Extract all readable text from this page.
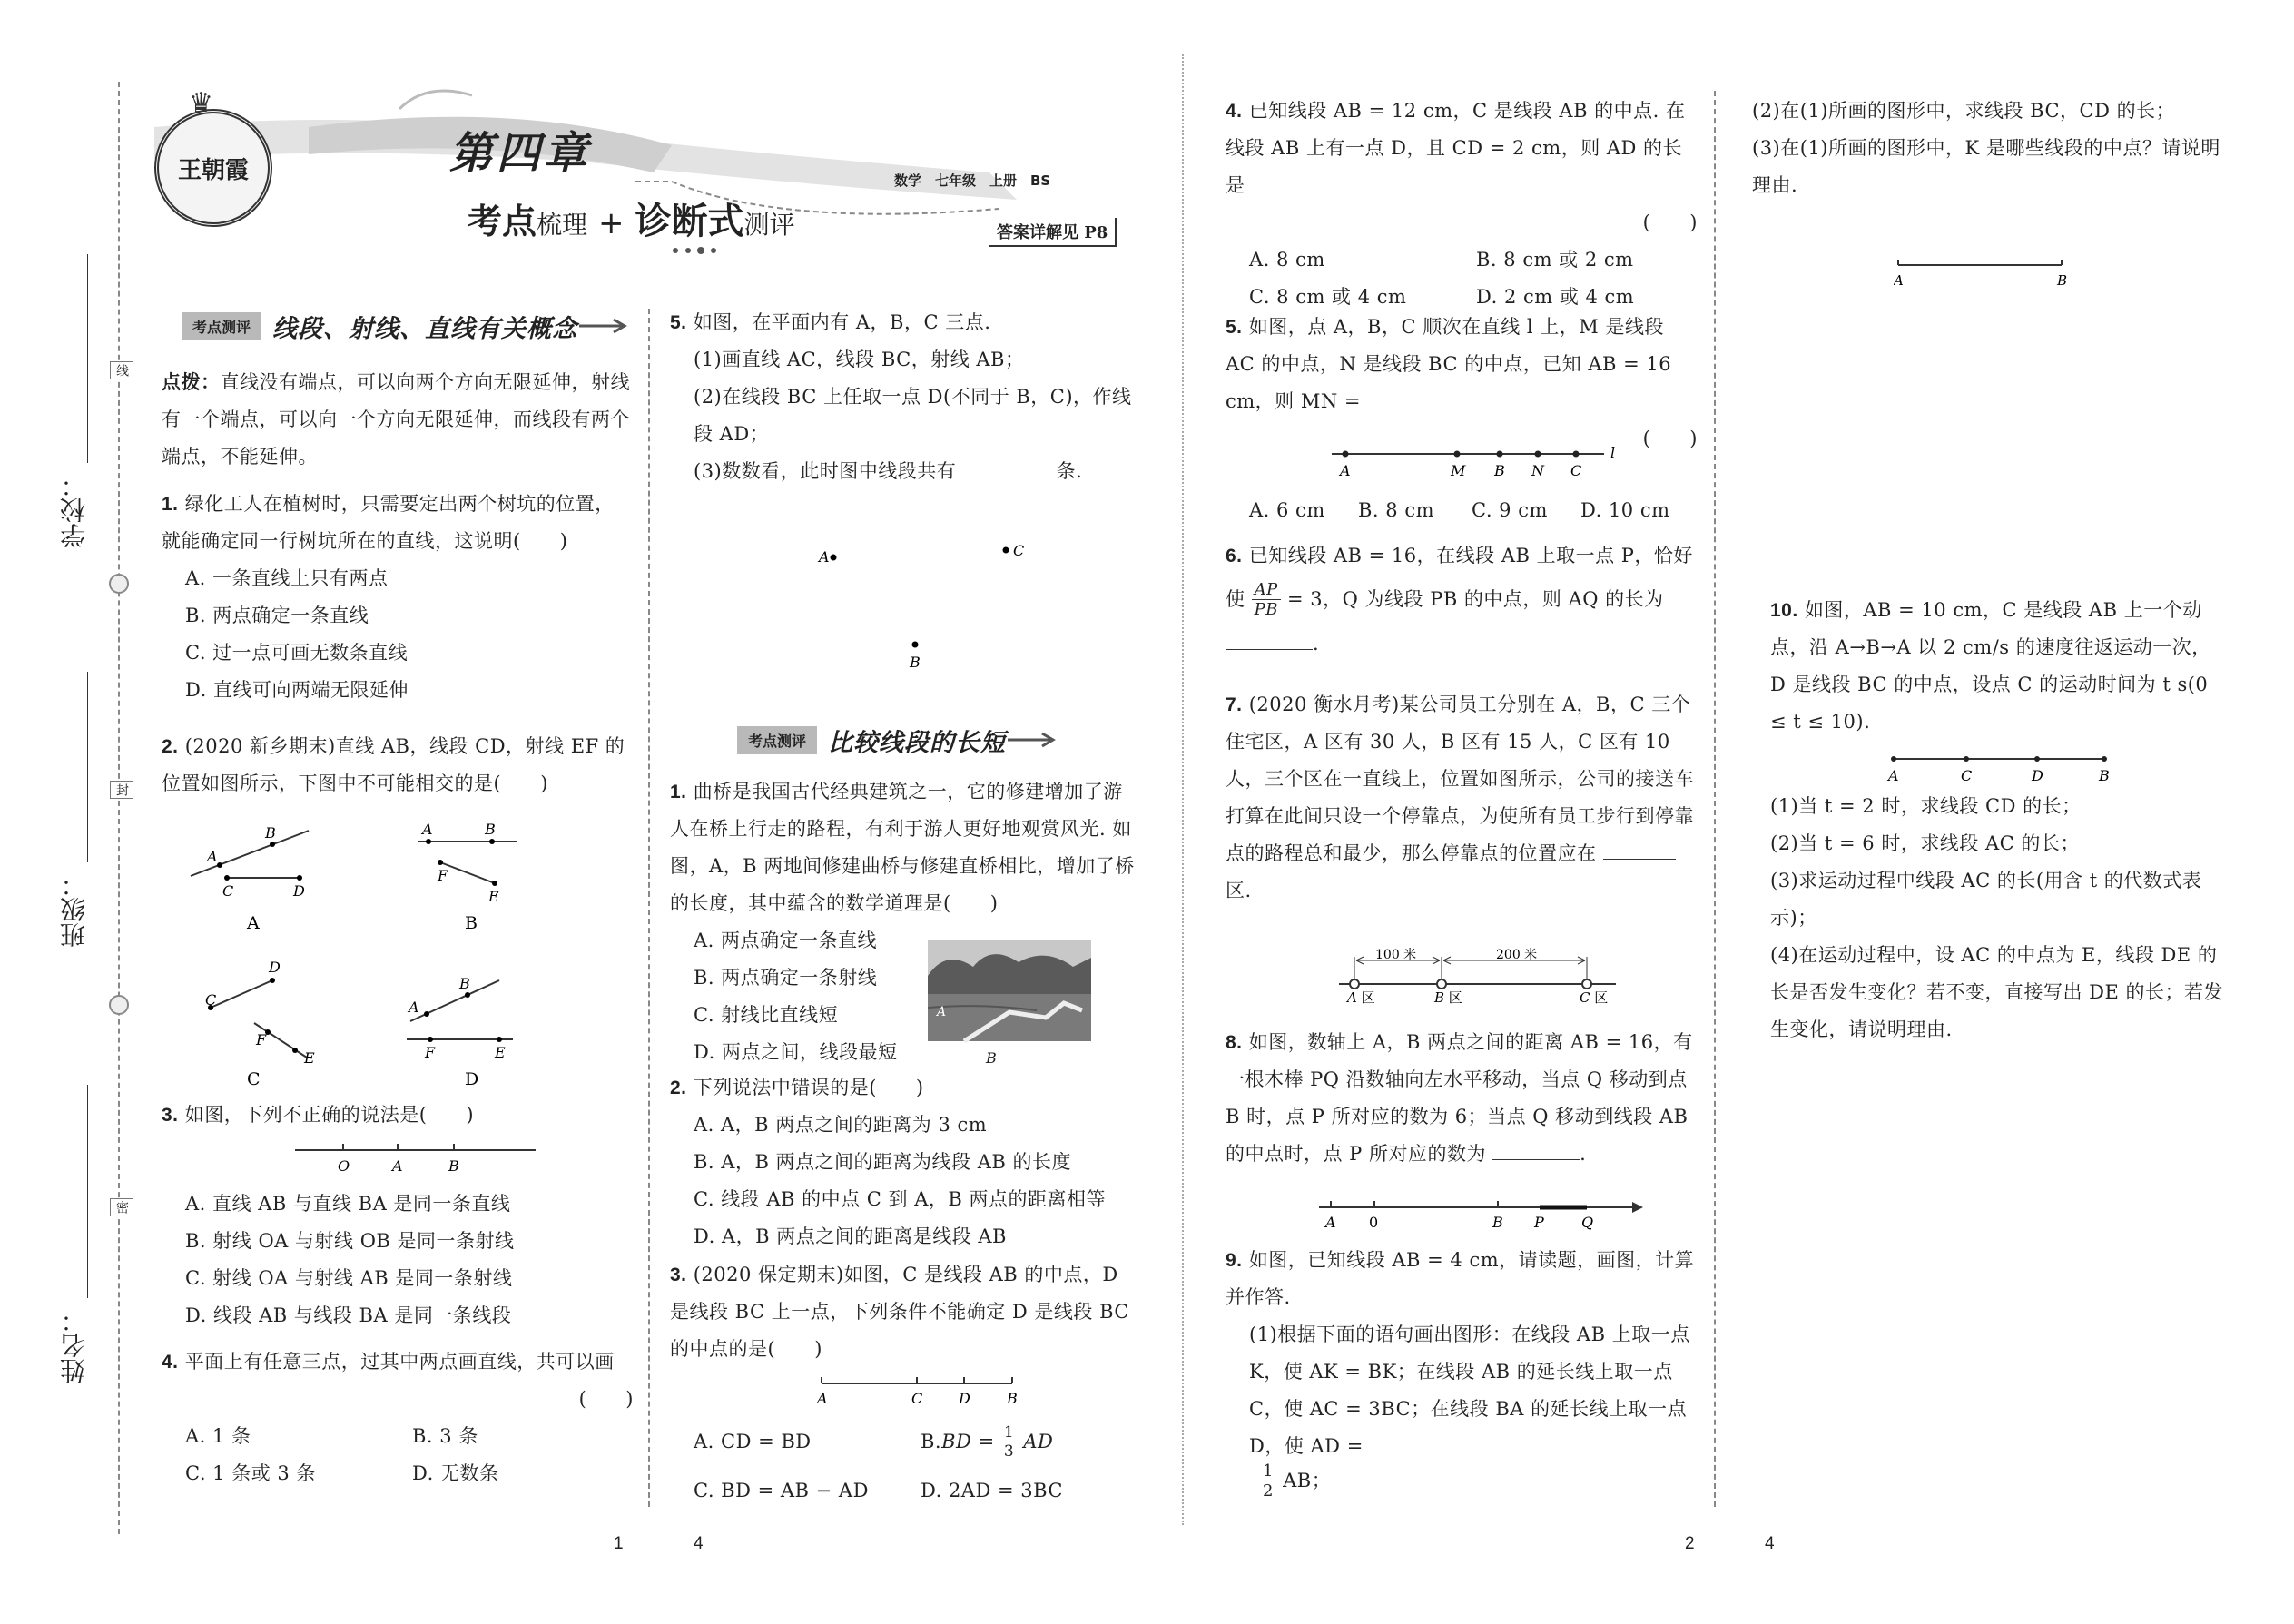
学校：
班级：
姓名：
线
封
密
王朝霞
♛
第四章
考点 梳理 + 诊断式 测评
数学　七年级　上册　BS
答案详解见 P8
考点测评 线段、射线、直线有关概念
点拨：直线没有端点，可以向两个方向无限延伸，射线有一个端点，可以向一个方向无限延伸，而线段有两个端点，不能延伸。

1. 绿化工人在植树时，只需要定出两个树坑的位置，就能确定同一行树坑所在的直线，这说明(　　)

A. 一条直线上只有两点

B. 两点确定一条直线

C. 过一点可画无数条直线

D. 直线可向两端无限延伸

2. (2020 新乡期末)直线 AB，线段 CD，射线 EF 的位置如图所示，下图中不可能相交的是(　　)

A
B
C	D
A
A	B
F
E
B
C
D
F
E
C
A
B
F	E
D

3. 如图，下列不正确的说法是(　　)

O	A	B

A. 直线 AB 与直线 BA 是同一条直线

B. 射线 OA 与射线 OB 是同一条射线

C. 射线 OA 与射线 AB 是同一条射线

D. 线段 AB 与线段 BA 是同一条线段

4. 平面上有任意三点，过其中两点画直线，共可以画

(　　)

A. 1 条	B. 3 条
C. 1 条或 3 条	D. 无数条

5. 如图，在平面内有 A，B，C 三点.

(1)画直线 AC，线段 BC，射线 AB；

(2)在线段 BC 上任取一点 D(不同于 B，C)，作线段 AD；

(3)数数看，此时图中线段共有	条.

A	C
B
考点测评 比较线段的长短

1. 曲桥是我国古代经典建筑之一，它的修建增加了游人在桥上行走的路程，有利于游人更好地观赏风光. 如图，A，B 两地间修建曲桥与修建直桥相比，增加了桥的长度，其中蕴含的数学道理是(　　)

A. 两点确定一条直线

B. 两点确定一条射线

C. 射线比直线短

D. 两点之间，线段最短

A
B

2. 下列说法中错误的是(　　)

A. A，B 两点之间的距离为 3 cm

B. A，B 两点之间的距离为线段 AB 的长度

C. 线段 AB 的中点 C 到 A，B 两点的距离相等

D. A，B 两点之间的距离是线段 AB

3. (2020 保定期末)如图，C 是线段 AB 的中点，D 是线段 BC 上一点，下列条件不能确定 D 是线段 BC 的中点的是(　　)

A	C D	B
A. CD = BD	B. BD = 1
3
AD
C. BD = AB − AD	D. 2AD = 3BC

4. 已知线段 AB = 12 cm，C 是线段 AB 的中点. 在线段 AB 上有一点 D，且 CD = 2 cm，则 AD 的长是

(　　)

A. 8 cm	B. 8 cm 或 2 cm
C. 8 cm 或 4 cm	D. 2 cm 或 4 cm

5. 如图，点 A，B，C 顺次在直线 l 上，M 是线段 AC 的中点，N 是线段 BC 的中点，已知 AB = 16 cm，则 MN =

(　　)

A	M B N C
l
A. 6 cm	B. 8 cm	C. 9 cm	D. 10 cm

6. 已知线段 AB = 16，在线段 AB 上取一点 P，恰好

使
$\frac{AP}{PB}$
= 3，Q 为线段 PB 的中点，则 AQ 的长为

.

7. (2020 衡水月考)某公司员工分别在 A，B，C 三个住宅区，A 区有 30 人，B 区有 15 人，C 区有 10 人，三个区在一直线上，位置如图所示，公司的接送车打算在此间只设一个停靠点，为使所有员工步行到停靠点的路程总和最少，那么停靠点的位置应在  区.

100 米	200 米
A 区	B 区	C 区

8. 如图，数轴上 A，B 两点之间的距离 AB = 16，有一根木棒 PQ 沿数轴向左水平移动，当点 Q 移动到点 B 时，点 P 所对应的数为 6；当点 Q 移动到线段 AB 的中点时，点 P 所对应的数为	.

A 0	B P	Q

9. 如图，已知线段 AB = 4 cm，请读题，画图，计算并作答.

(1)根据下面的语句画出图形：在线段 AB 上取一点 K，使 AK = BK；在线段 AB 的延长线上取一点 C，使 AC = 3BC；在线段 BA 的延长线上取一点 D，使 AD =

1
2
AB；

(2)在(1)所画的图形中，求线段 BC，CD 的长；

(3)在(1)所画的图形中，K 是哪些线段的中点？请说明理由.

A	B

10. 如图，AB = 10 cm，C 是线段 AB 上一个动点，沿 A→B→A 以 2 cm/s 的速度往返运动一次，D 是线段 BC 的中点，设点 C 的运动时间为 t s(0 ≤ t ≤ 10).

A	C	D	B

(1)当 t = 2 时，求线段 CD 的长；

(2)当 t = 6 时，求线段 AC 的长；

(3)求运动过程中线段 AC 的长(用含 t 的代数式表示)；

(4)在运动过程中，设 AC 的中点为 E，线段 DE 的长是否发生变化？若不变，直接写出 DE 的长；若发生变化，请说明理由.

1	4	2	4
